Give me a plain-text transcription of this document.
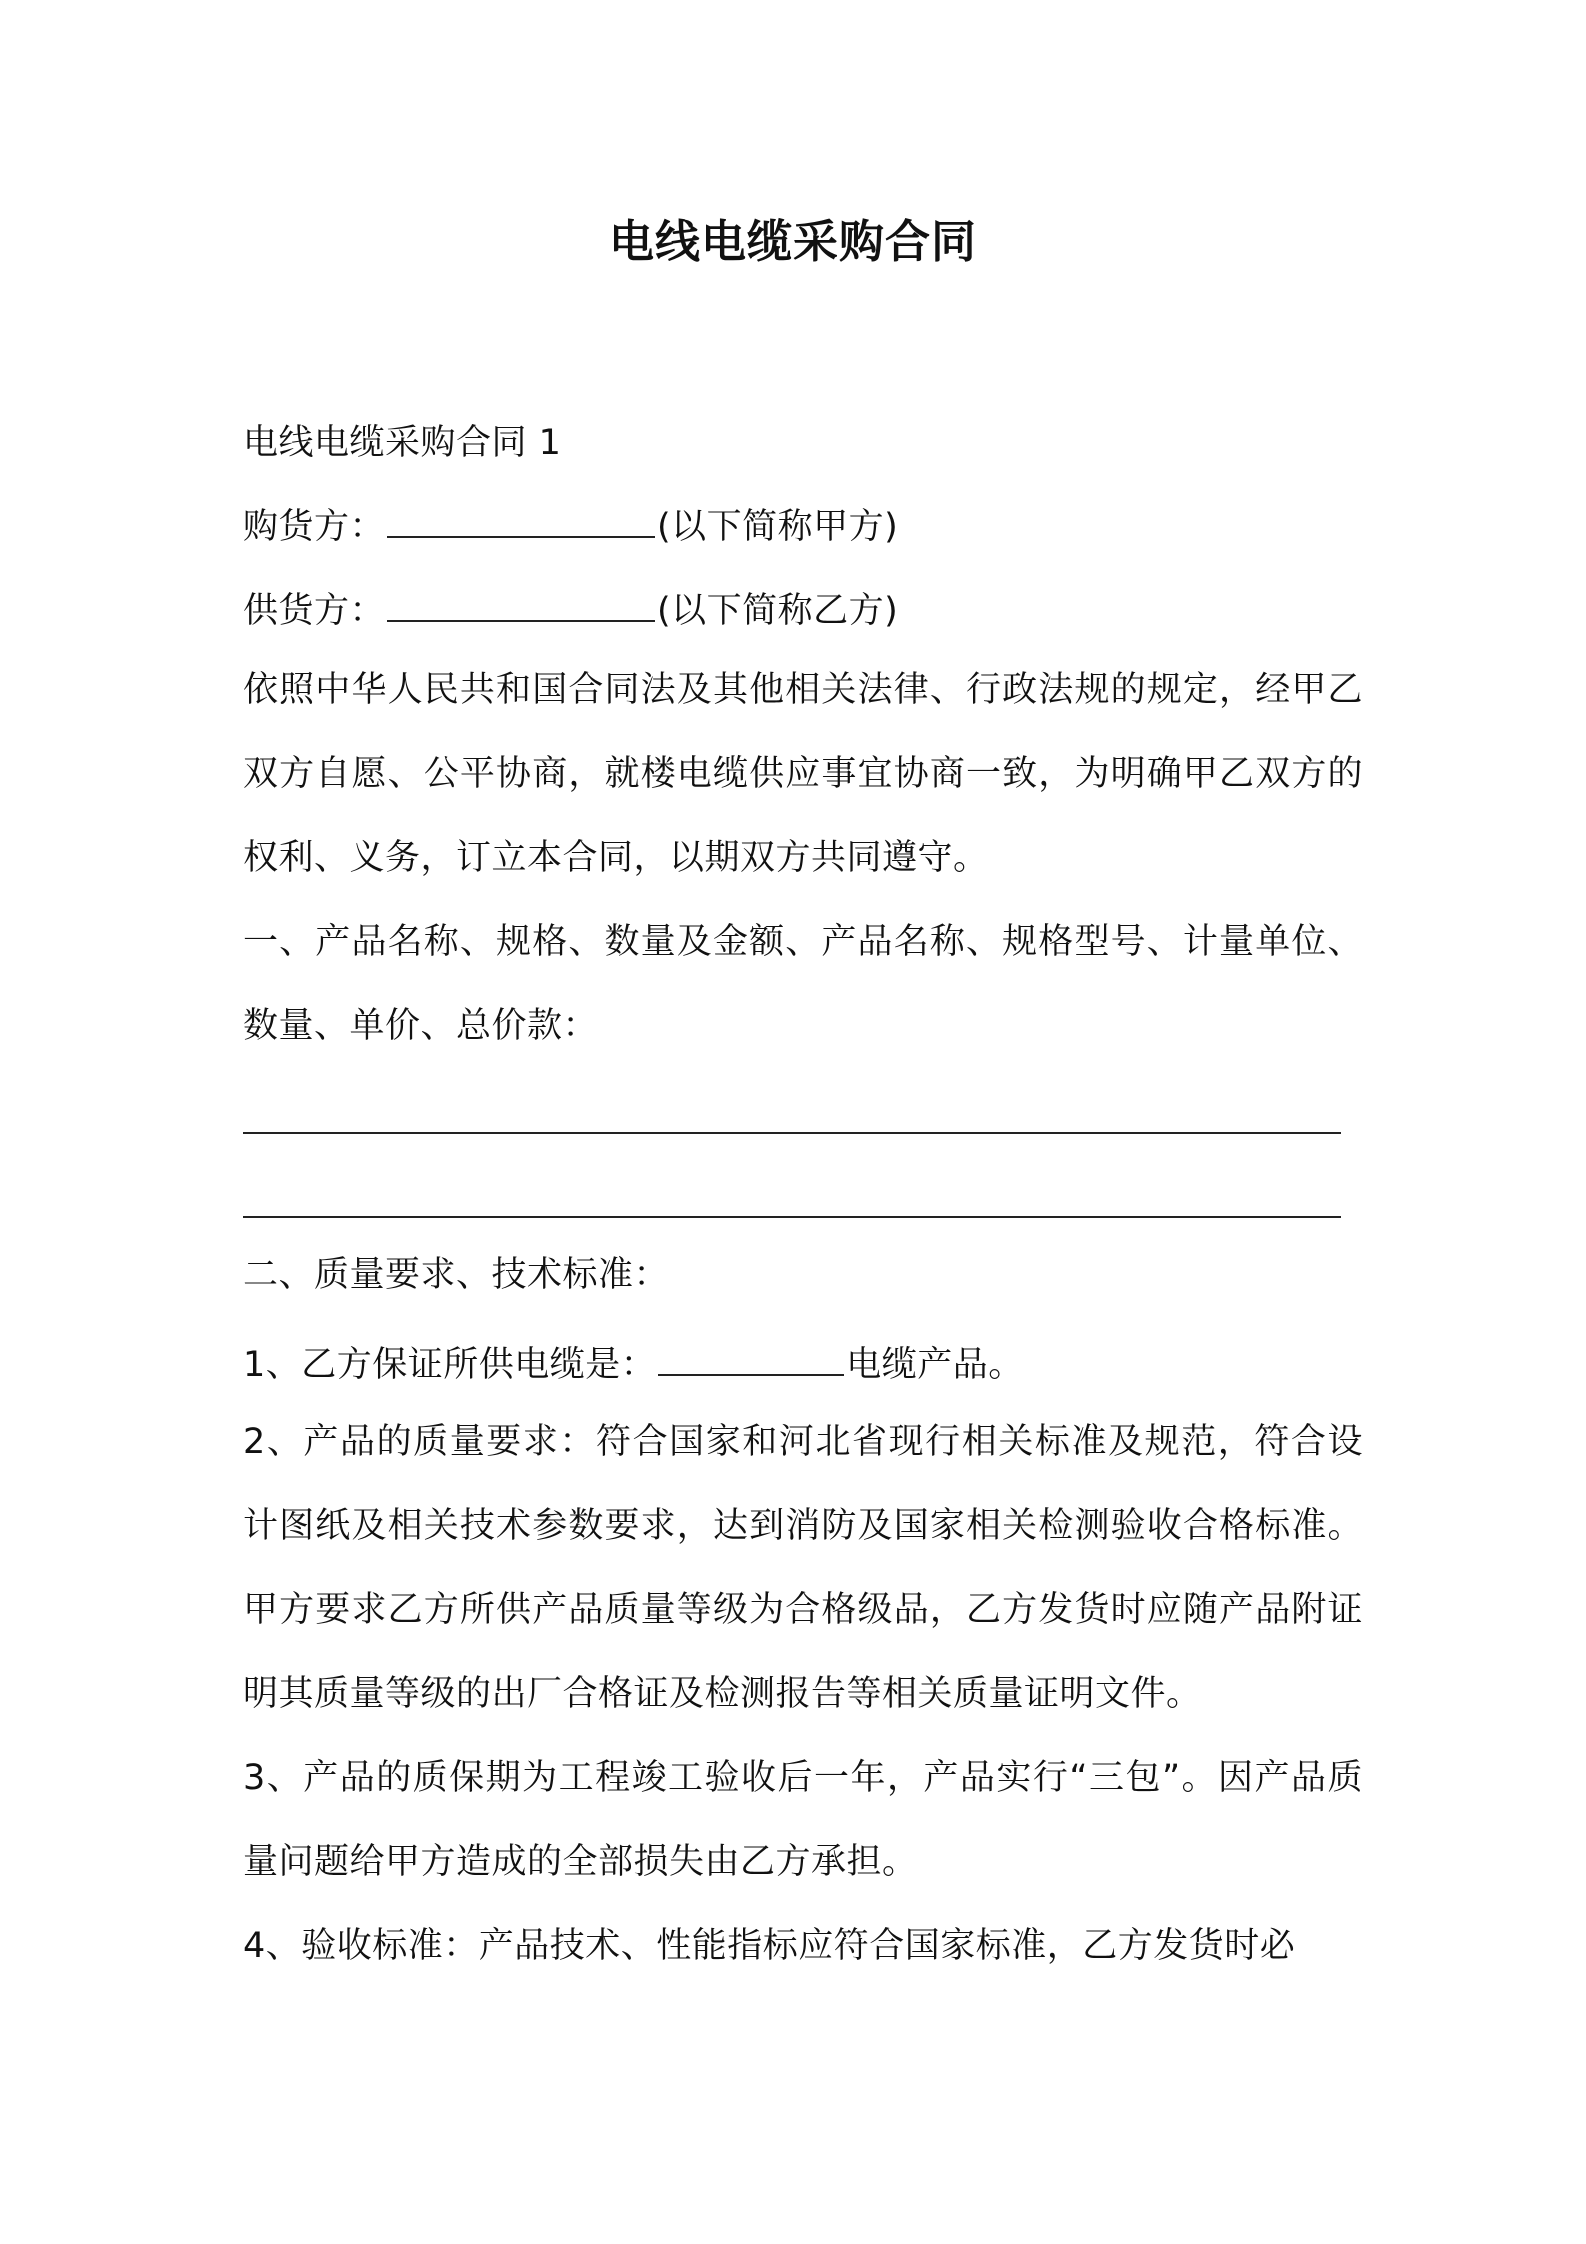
电线电缆采购合同
电线电缆采购合同 1
购货方：	(以下简称甲方)
供货方：	(以下简称乙方)

依照中华人民共和国合同法及其他相关法律、行政法规的规定，经甲乙双方自愿、公平协商，就楼电缆供应事宜协商一致，为明确甲乙双方的权利、义务，订立本合同，以期双方共同遵守。

一、产品名称、规格、数量及金额、产品名称、规格型号、计量单位、数量、单价、总价款：

二、质量要求、技术标准：
1、乙方保证所供电缆是：	电缆产品。

2、产品的质量要求：符合国家和河北省现行相关标准及规范，符合设计图纸及相关技术参数要求，达到消防及国家相关检测验收合格标准。甲方要求乙方所供产品质量等级为合格级品，乙方发货时应随产品附证明其质量等级的出厂合格证及检测报告等相关质量证明文件。

3、产品的质保期为工程竣工验收后一年，产品实行“三包”。因产品质量问题给甲方造成的全部损失由乙方承担。

4、验收标准：产品技术、性能指标应符合国家标准，乙方发货时必
